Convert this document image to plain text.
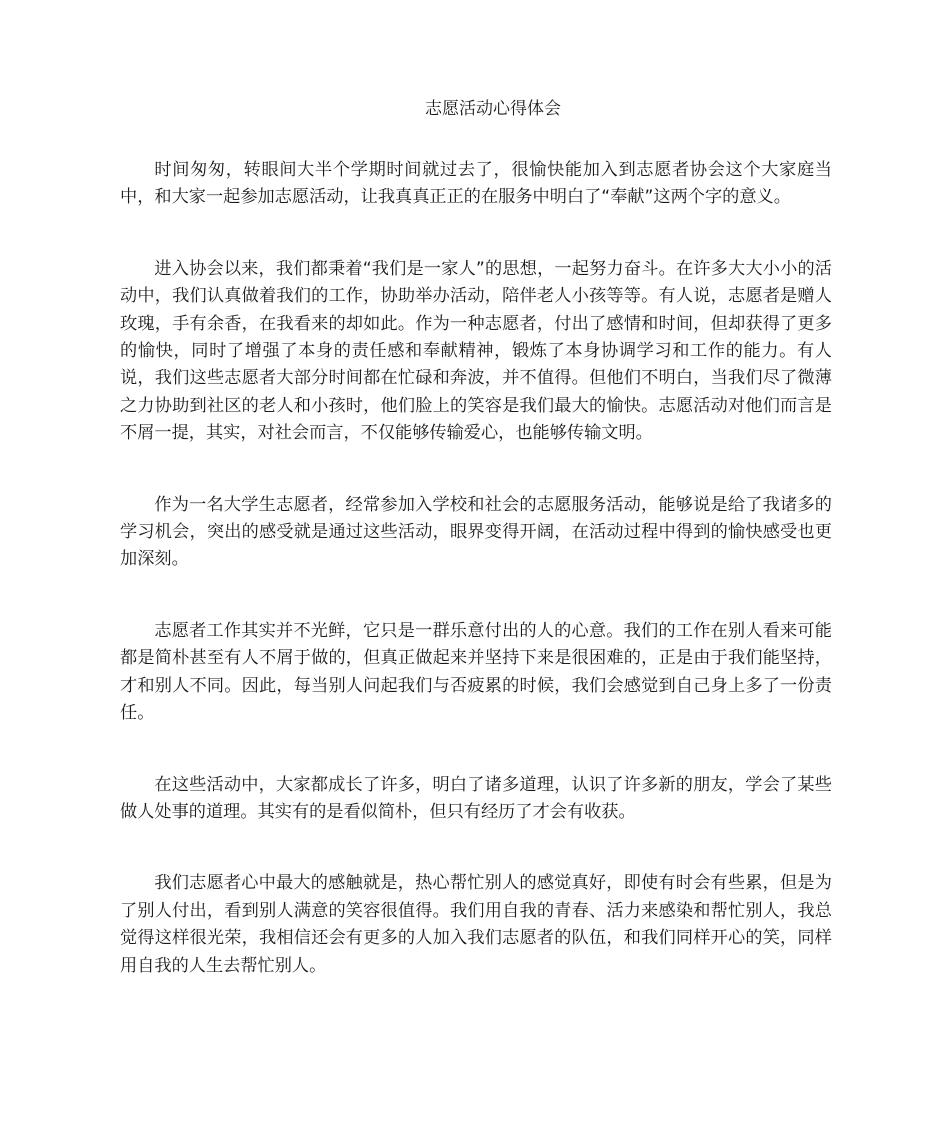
志愿活动心得体会

时间匆匆，转眼间大半个学期时间就过去了，很愉快能加入到志愿者协会这个大家庭当中，和大家一起参加志愿活动，让我真真正正的在服务中明白了“奉献”这两个字的意义。

进入协会以来，我们都秉着“我们是一家人”的思想，一起努力奋斗。在许多大大小小的活动中，我们认真做着我们的工作，协助举办活动，陪伴老人小孩等等。有人说，志愿者是赠人玫瑰，手有余香，在我看来的却如此。作为一种志愿者，付出了感情和时间，但却获得了更多的愉快，同时了增强了本身的责任感和奉献精神，锻炼了本身协调学习和工作的能力。有人说，我们这些志愿者大部分时间都在忙碌和奔波，并不值得。但他们不明白，当我们尽了微薄之力协助到社区的老人和小孩时，他们脸上的笑容是我们最大的愉快。志愿活动对他们而言是不屑一提，其实，对社会而言，不仅能够传输爱心，也能够传输文明。

作为一名大学生志愿者，经常参加入学校和社会的志愿服务活动，能够说是给了我诸多的学习机会，突出的感受就是通过这些活动，眼界变得开阔，在活动过程中得到的愉快感受也更加深刻。

志愿者工作其实并不光鲜，它只是一群乐意付出的人的心意。我们的工作在别人看来可能都是简朴甚至有人不屑于做的，但真正做起来并坚持下来是很困难的，正是由于我们能坚持，才和别人不同。因此，每当别人问起我们与否疲累的时候，我们会感觉到自己身上多了一份责任。

在这些活动中，大家都成长了许多，明白了诸多道理，认识了许多新的朋友，学会了某些做人处事的道理。其实有的是看似简朴，但只有经历了才会有收获。

我们志愿者心中最大的感触就是，热心帮忙别人的感觉真好，即使有时会有些累，但是为了别人付出，看到别人满意的笑容很值得。我们用自我的青春、活力来感染和帮忙别人，我总觉得这样很光荣，我相信还会有更多的人加入我们志愿者的队伍，和我们同样开心的笑，同样用自我的人生去帮忙别人。
